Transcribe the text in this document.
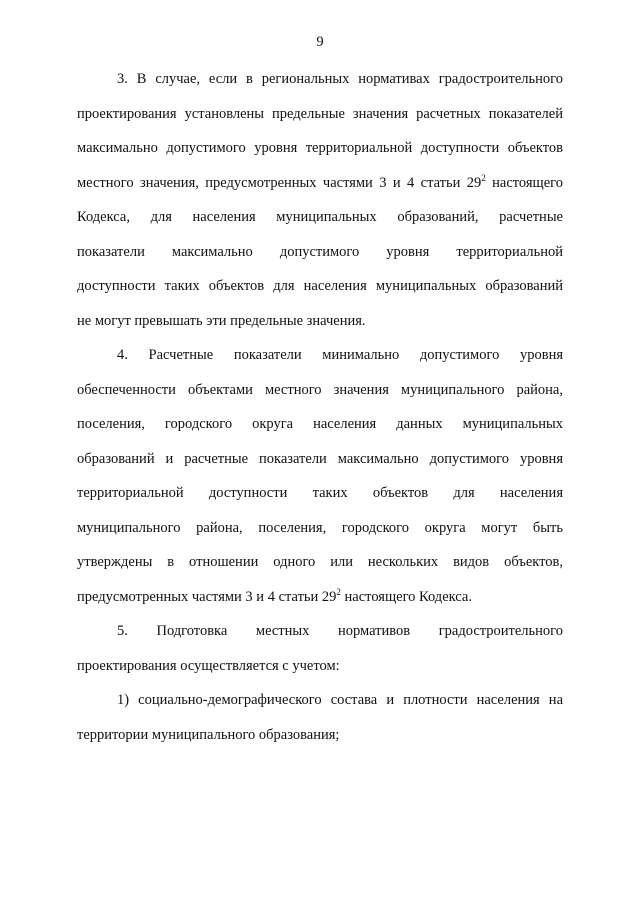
9
3. В случае, если в региональных нормативах градостроительного
проектирования установлены предельные значения расчетных показателей
максимально допустимого уровня территориальной доступности объектов
местного значения, предусмотренных частями 3 и 4 статьи $29^2$ настоящего
Кодекса, для населения муниципальных образований, расчетные
показатели максимально допустимого уровня территориальной
доступности таких объектов для населения муниципальных образований
не могут превышать эти предельные значения.
4. Расчетные показатели минимально допустимого уровня
обеспеченности объектами местного значения муниципального района,
поселения, городского округа населения данных муниципальных
образований и расчетные показатели максимально допустимого уровня
территориальной доступности таких объектов для населения
муниципального района, поселения, городского округа могут быть
утверждены в отношении одного или нескольких видов объектов,
предусмотренных частями 3 и 4 статьи $29^2$ настоящего Кодекса.
5. Подготовка местных нормативов градостроительного
проектирования осуществляется с учетом:
1) социально-демографического состава и плотности населения на
территории муниципального образования;
